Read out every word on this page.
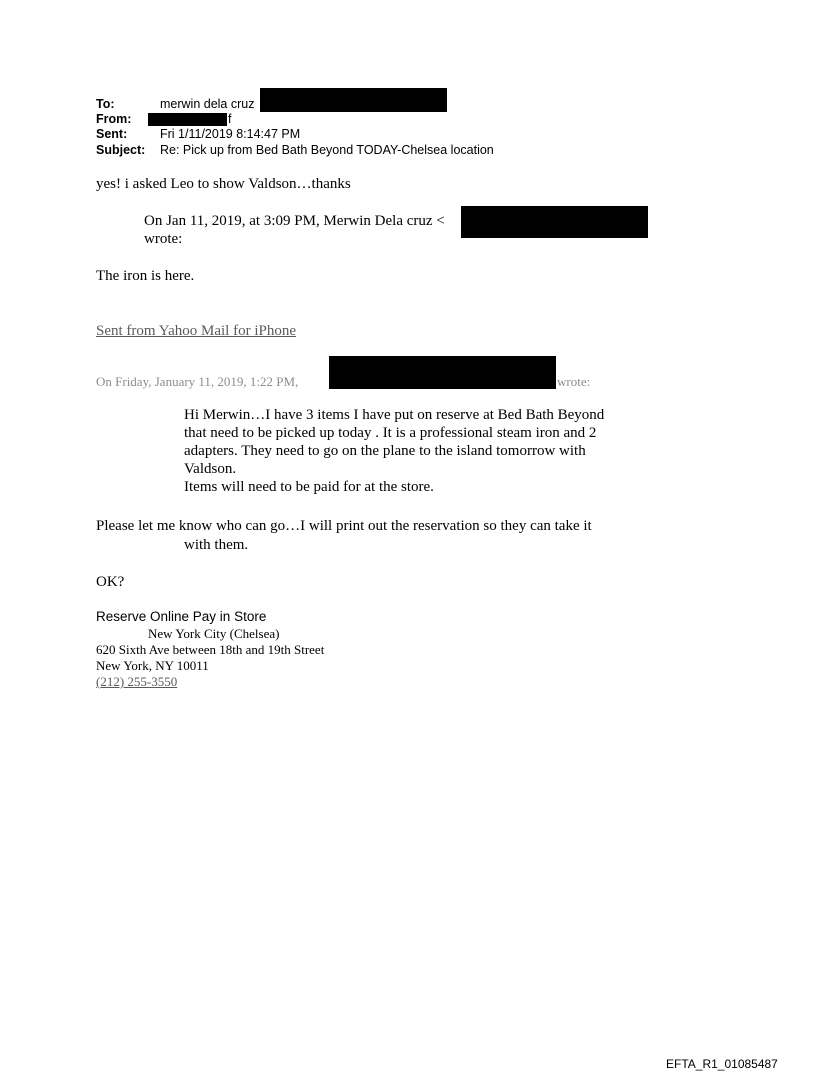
To:	merwin dela cruz
From:	f
Sent:	Fri 1/11/2019 8:14:47 PM
Subject: Re: Pick up from Bed Bath Beyond TODAY-Chelsea location
yes! i asked Leo to show Valdson…thanks
On Jan 11, 2019, at 3:09 PM, Merwin Dela cruz <
wrote:
The iron is here.
Sent from Yahoo Mail for iPhone
On Friday, January 11, 2019, 1:22 PM,	wrote:
Hi Merwin…I have 3 items I have put on reserve at Bed Bath Beyond
that need to be picked up today . It is a professional steam iron and 2
adapters. They need to go on the plane to the island tomorrow with
Valdson.
Items will need to be paid for at the store.
Please let me know who can go…I will print out the reservation so they can take it
with them.
OK?
Reserve Online Pay in Store
New York City (Chelsea)
620 Sixth Ave between 18th and 19th Street
New York, NY 10011
(212) 255-3550
EFTA_R1_01085487
